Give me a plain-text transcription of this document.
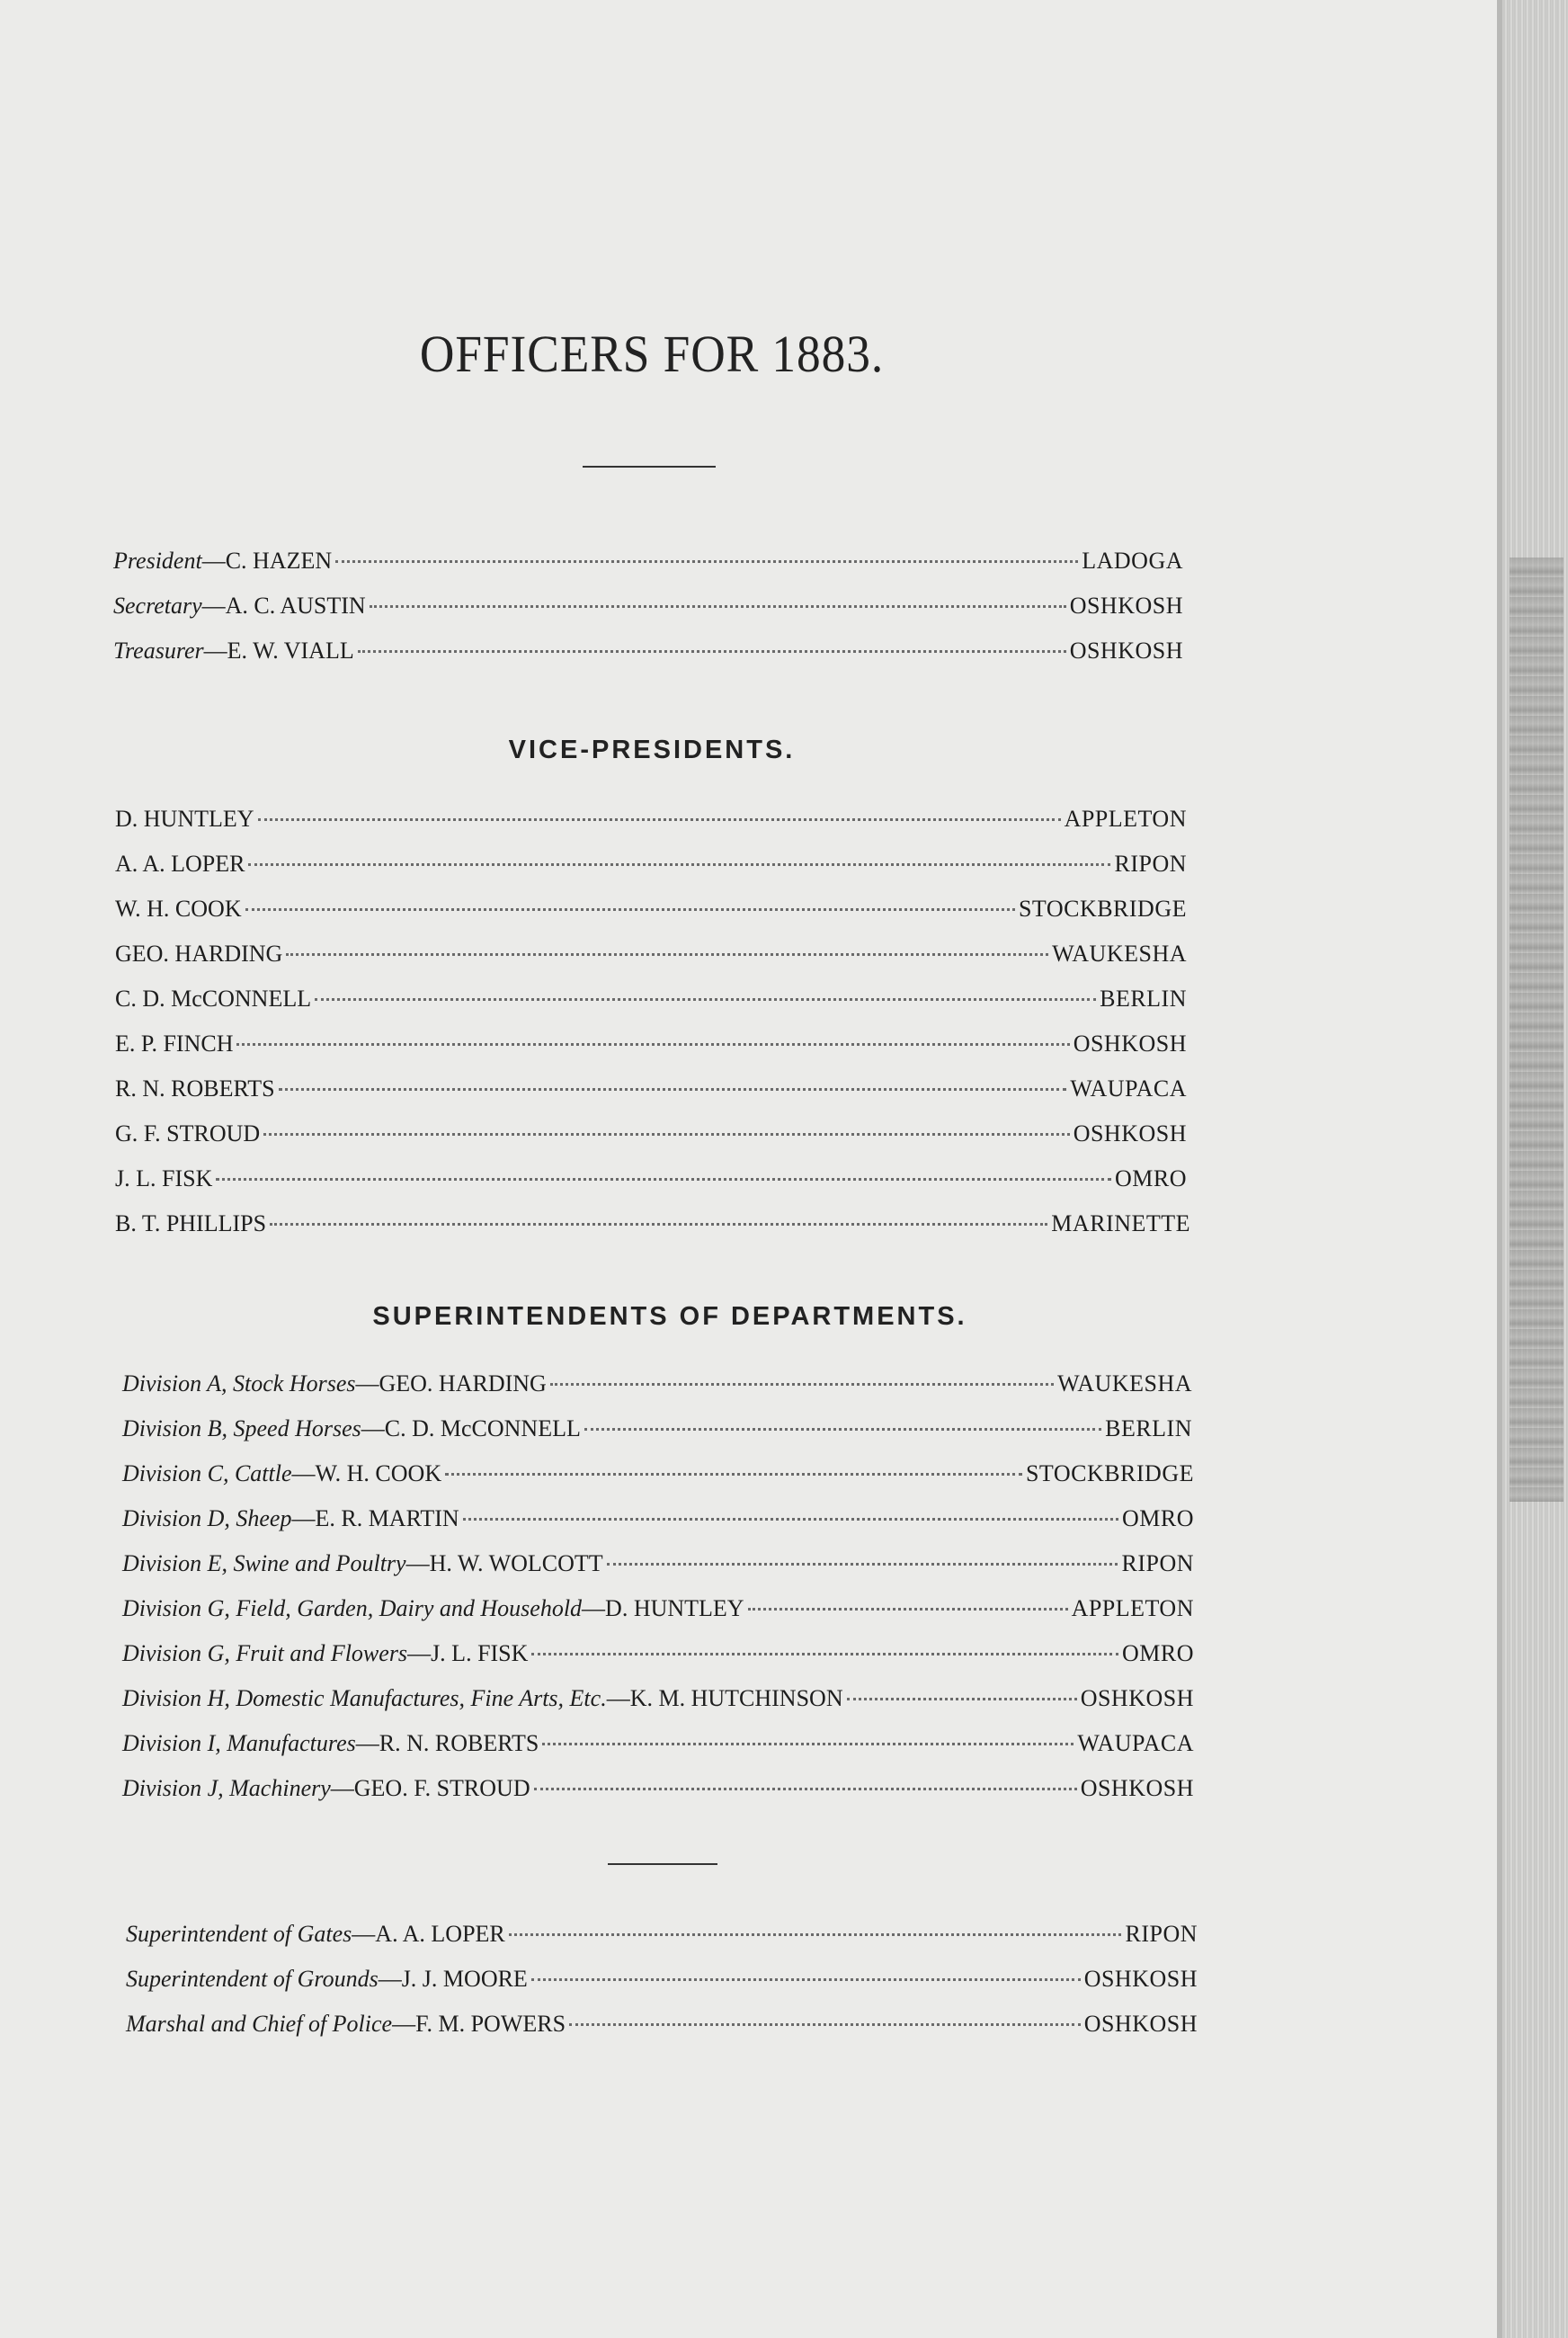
OFFICERS FOR 1883.
President — C. HAZEN	LADOGA
Secretary — A. C. AUSTIN	OSHKOSH
Treasurer — E. W. VIALL	OSHKOSH
VICE-PRESIDENTS.
D. HUNTLEY	APPLETON
A. A. LOPER	RIPON
W. H. COOK	STOCKBRIDGE
GEO. HARDING	WAUKESHA
C. D. McCONNELL	BERLIN
E. P. FINCH	OSHKOSH
R. N. ROBERTS	WAUPACA
G. F. STROUD	OSHKOSH
J. L. FISK	OMRO
B. T. PHILLIPS	MARINETTE
SUPERINTENDENTS OF DEPARTMENTS.
Division A, Stock Horses — GEO. HARDING	WAUKESHA
Division B, Speed Horses — C. D. McCONNELL	BERLIN
Division C, Cattle — W. H. COOK	STOCKBRIDGE
Division D, Sheep — E. R. MARTIN	OMRO
Division E, Swine and Poultry — H. W. WOLCOTT	RIPON
Division G, Field, Garden, Dairy and Household — D. HUNTLEY	APPLETON
Division G, Fruit and Flowers — J. L. FISK	OMRO
Division H, Domestic Manufactures, Fine Arts, Etc. — K. M. HUTCHINSON	OSHKOSH
Division I, Manufactures — R. N. ROBERTS	WAUPACA
Division J, Machinery — GEO. F. STROUD	OSHKOSH
Superintendent of Gates — A. A. LOPER	RIPON
Superintendent of Grounds — J. J. MOORE	OSHKOSH
Marshal and Chief of Police — F. M. POWERS	OSHKOSH
